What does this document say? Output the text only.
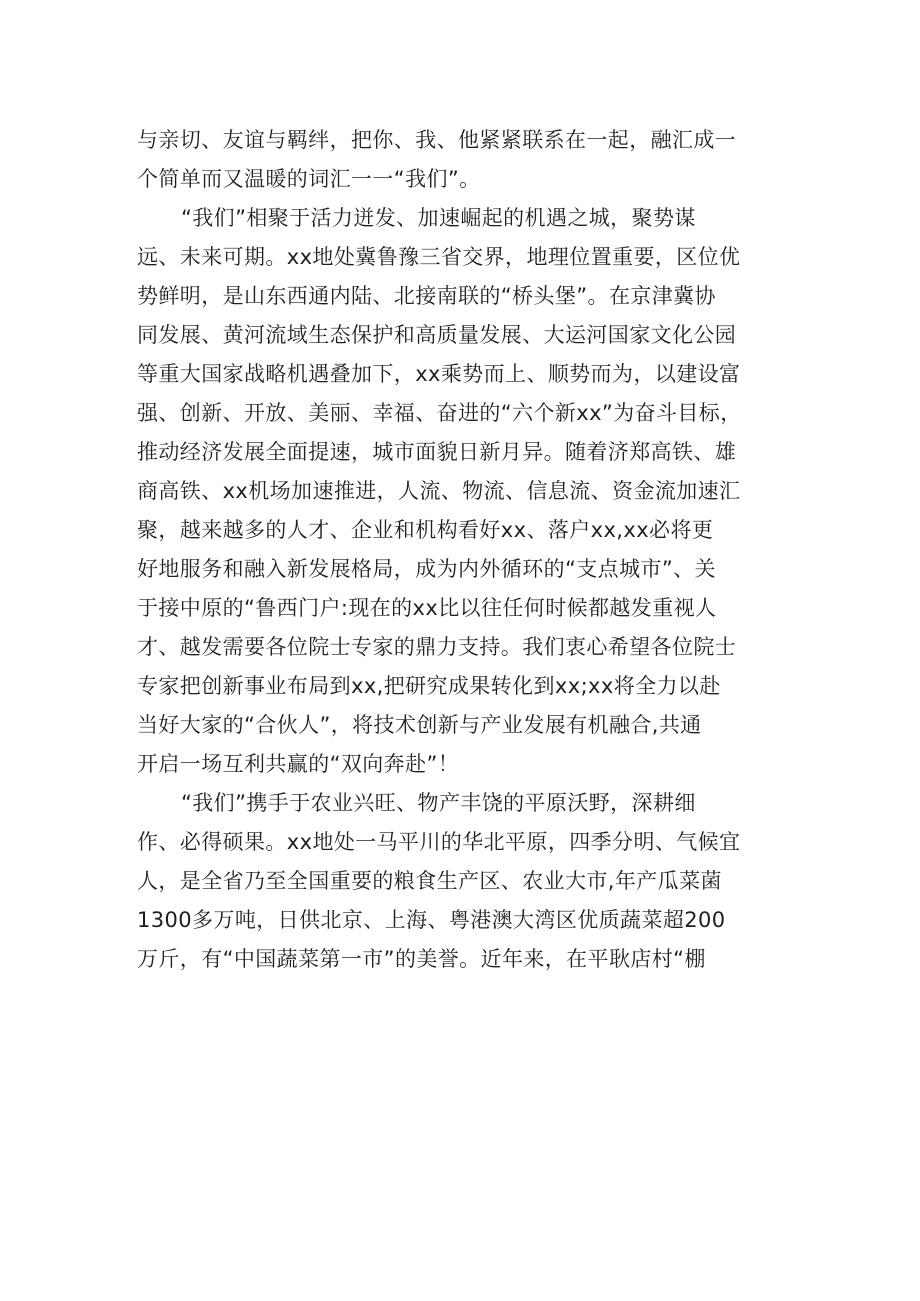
与亲切、友谊与羁绊，把你、我、他紧紧联系在一起，融汇成一
个简单而又温暖的词汇一一“我们”。
“我们”相聚于活力迸发、加速崛起的机遇之城，聚势谋
远、未来可期。xx地处冀鲁豫三省交界，地理位置重要，区位优
势鲜明，是山东西通内陆、北接南联的“桥头堡”。在京津冀协
同发展、黄河流域生态保护和高质量发展、大运河国家文化公园
等重大国家战略机遇叠加下，xx乘势而上、顺势而为，以建设富
强、创新、开放、美丽、幸福、奋进的“六个新xx”为奋斗目标，
推动经济发展全面提速，城市面貌日新月异。随着济郑高铁、雄
商高铁、xx机场加速推进，人流、物流、信息流、资金流加速汇
聚，越来越多的人才、企业和机构看好xx、落户xx,xx必将更
好地服务和融入新发展格局，成为内外循环的“支点城市”、关
于接中原的“鲁西门户:现在的xx比以往任何时候都越发重视人
才、越发需要各位院士专家的鼎力支持。我们衷心希望各位院士
专家把创新事业布局到xx,把研究成果转化到xx;xx将全力以赴
当好大家的“合伙人”，将技术创新与产业发展有机融合,共通
开启一场互利共赢的“双向奔赴”！
“我们”携手于农业兴旺、物产丰饶的平原沃野，深耕细
作、必得硕果。xx地处一马平川的华北平原，四季分明、气候宜
人，是全省乃至全国重要的粮食生产区、农业大市,年产瓜菜菌
1300多万吨，日供北京、上海、粤港澳大湾区优质蔬菜超200
万斤，有“中国蔬菜第一市”的美誉。近年来，在平耿店村“棚
